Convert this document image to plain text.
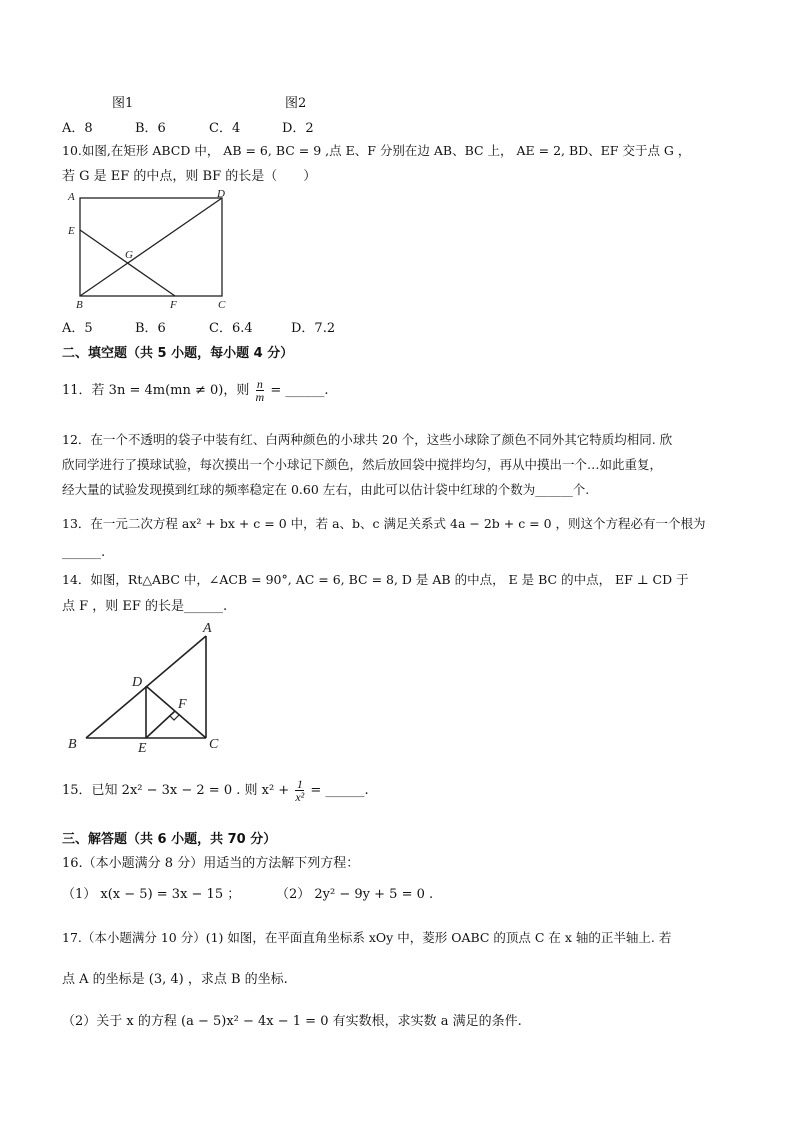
图1	图2
A．8	B．6	C．4	D．2
10.如图,在矩形 ABCD 中， AB = 6, BC = 9 ,点 E、F 分别在边 AB、BC 上， AE = 2, BD、EF 交于点 G ，
若 G 是 EF 的中点，则 BF 的长是（　　）
A	D
E
G
B	F	C
A．5	B．6	C．6.4	D．7.2
二、填空题（共 5 小题，每小题 4 分）
11．若 3n = 4m(mn ≠ 0)，则 $\frac{n}{m}$ = ______.
12．在一个不透明的袋子中装有红、白两种颜色的小球共 20 个，这些小球除了颜色不同外其它特质均相同. 欣
欣同学进行了摸球试验，每次摸出一个小球记下颜色，然后放回袋中搅拌均匀，再从中摸出一个…如此重复，
经大量的试验发现摸到红球的频率稳定在 0.60 左右，由此可以估计袋中红球的个数为______个.
13．在一元二次方程 ax² + bx + c = 0 中，若 a、b、c 满足关系式 4a − 2b + c = 0 ，则这个方程必有一个根为
______.
14．如图，Rt△ABC 中，∠ACB = 90°, AC = 6, BC = 8, D 是 AB 的中点， E 是 BC 的中点， EF ⊥ CD 于
点 F ，则 EF 的长是______.
A
D
F
B	E	C
15．已知 2x² − 3x − 2 = 0 . 则 $x^2 + \frac{1}{\text{x²}}$ = ______.
三、解答题（共 6 小题，共 70 分）
16.（本小题满分 8 分）用适当的方法解下列方程：
（1） x(x − 5) = 3x − 15 ；	（2） 2y² − 9y + 5 = 0 .
17.（本小题满分 10 分）(1) 如图，在平面直角坐标系 xOy 中，菱形 OABC 的顶点 C 在 x 轴的正半轴上. 若
点 A 的坐标是 (3, 4) ，求点 B 的坐标.
（2）关于 x 的方程 (a − 5)x² − 4x − 1 = 0 有实数根，求实数 a 满足的条件.
